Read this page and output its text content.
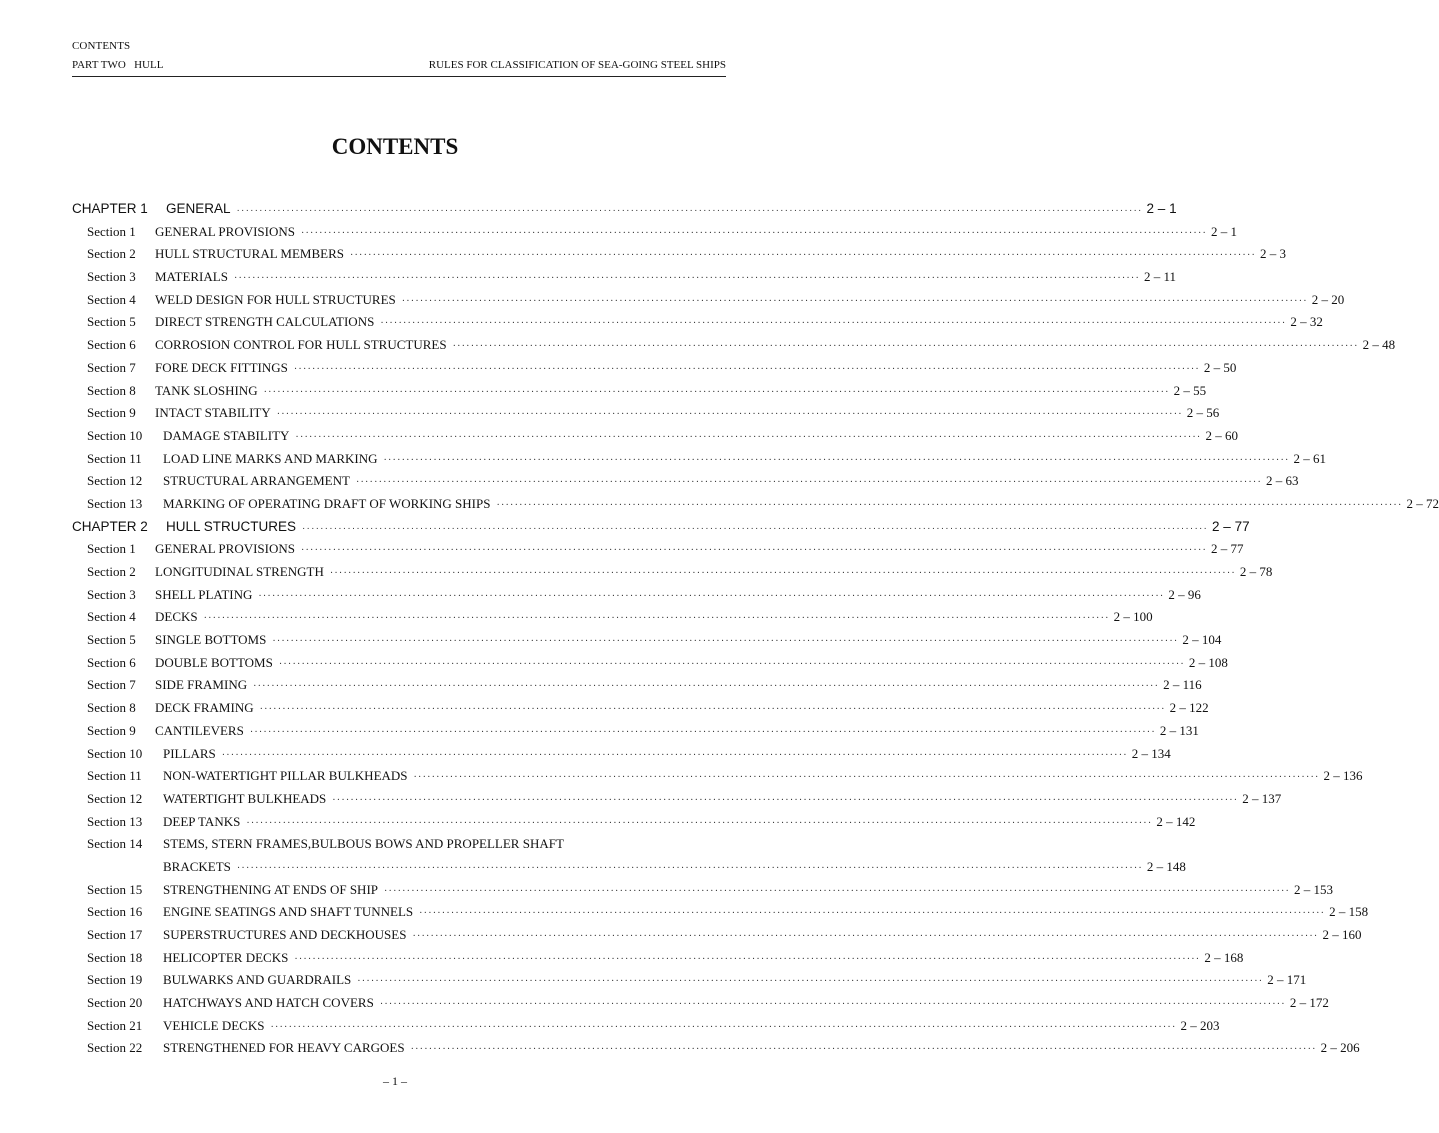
CONTENTS
PART TWO   HULL	RULES FOR CLASSIFICATION OF SEA-GOING STEEL SHIPS
CONTENTS
CHAPTER 1	GENERAL ········································································································································································································ 2 – 1
Section 1	GENERAL PROVISIONS ········································································································································································································ 2 – 1
Section 2	HULL STRUCTURAL MEMBERS ········································································································································································································ 2 – 3
Section 3	MATERIALS ········································································································································································································ 2 – 11
Section 4	WELD DESIGN FOR HULL STRUCTURES ········································································································································································································ 2 – 20
Section 5	DIRECT STRENGTH CALCULATIONS ········································································································································································································ 2 – 32
Section 6	CORROSION CONTROL FOR HULL STRUCTURES ········································································································································································································ 2 – 48
Section 7	FORE DECK FITTINGS ········································································································································································································ 2 – 50
Section 8	TANK SLOSHING ········································································································································································································ 2 – 55
Section 9	INTACT STABILITY ········································································································································································································ 2 – 56
Section 10	DAMAGE STABILITY ········································································································································································································ 2 – 60
Section 11	LOAD LINE MARKS AND MARKING ········································································································································································································ 2 – 61
Section 12	STRUCTURAL ARRANGEMENT ········································································································································································································ 2 – 63
Section 13	MARKING OF OPERATING DRAFT OF WORKING SHIPS ········································································································································································································ 2 – 72
CHAPTER 2	HULL STRUCTURES ········································································································································································································ 2 – 77
Section 1	GENERAL PROVISIONS ········································································································································································································ 2 – 77
Section 2	LONGITUDINAL STRENGTH ········································································································································································································ 2 – 78
Section 3	SHELL PLATING ········································································································································································································ 2 – 96
Section 4	DECKS ········································································································································································································ 2 – 100
Section 5	SINGLE BOTTOMS ········································································································································································································ 2 – 104
Section 6	DOUBLE BOTTOMS ········································································································································································································ 2 – 108
Section 7	SIDE FRAMING ········································································································································································································ 2 – 116
Section 8	DECK FRAMING ········································································································································································································ 2 – 122
Section 9	CANTILEVERS ········································································································································································································ 2 – 131
Section 10	PILLARS ········································································································································································································ 2 – 134
Section 11	NON-WATERTIGHT PILLAR BULKHEADS ········································································································································································································ 2 – 136
Section 12	WATERTIGHT BULKHEADS ········································································································································································································ 2 – 137
Section 13	DEEP TANKS ········································································································································································································ 2 – 142
Section 14	STEMS, STERN FRAMES,BULBOUS BOWS AND PROPELLER SHAFT
BRACKETS ········································································································································································································ 2 – 148
Section 15	STRENGTHENING AT ENDS OF SHIP ········································································································································································································ 2 – 153
Section 16	ENGINE SEATINGS AND SHAFT TUNNELS ········································································································································································································ 2 – 158
Section 17	SUPERSTRUCTURES AND DECKHOUSES ········································································································································································································ 2 – 160
Section 18	HELICOPTER DECKS ········································································································································································································ 2 – 168
Section 19	BULWARKS AND GUARDRAILS ········································································································································································································ 2 – 171
Section 20	HATCHWAYS AND HATCH COVERS ········································································································································································································ 2 – 172
Section 21	VEHICLE DECKS ········································································································································································································ 2 – 203
Section 22	STRENGTHENED FOR HEAVY CARGOES ········································································································································································································ 2 – 206
– 1 –
